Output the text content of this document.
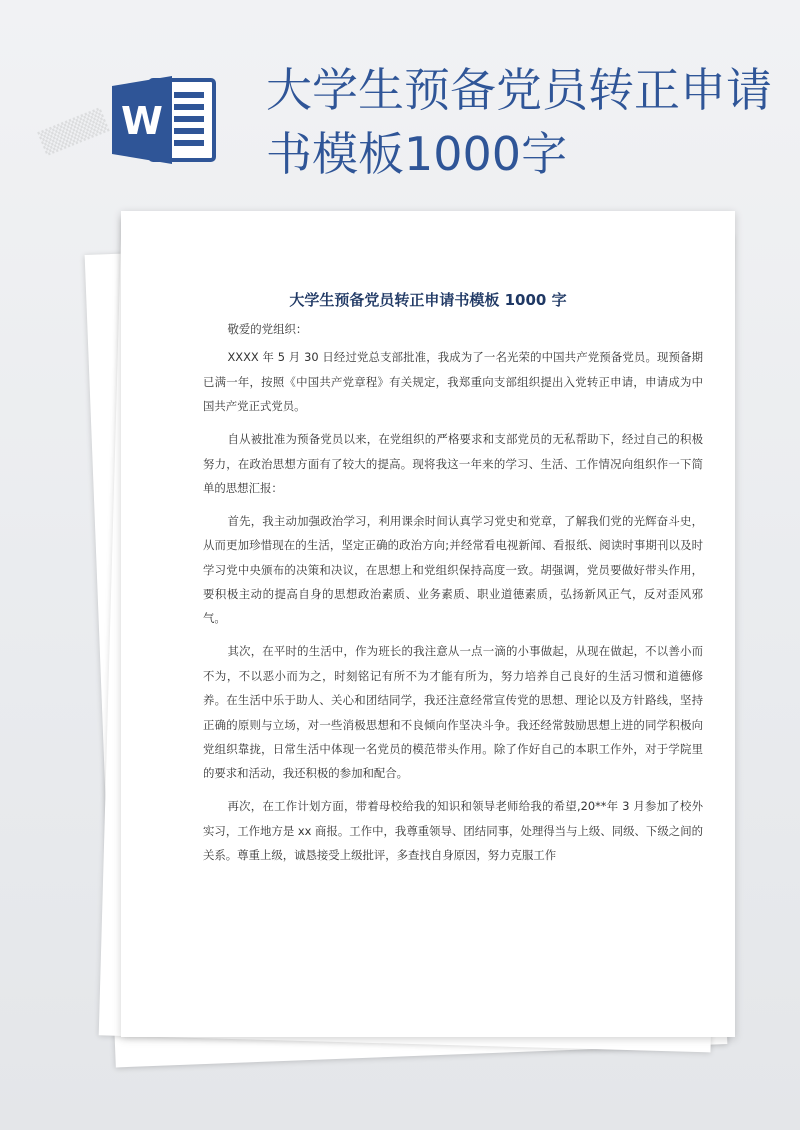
W
大学生预备党员转正申请书模板1000字
▒▒▒▒
大学生预备党员转正申请书模板 1000 字

敬爱的党组织：

XXXX 年 5 月 30 日经过党总支部批准，我成为了一名光荣的中国共产党预备党员。现预备期已满一年，按照《中国共产党章程》有关规定，我郑重向支部组织提出入党转正申请，申请成为中国共产党正式党员。

自从被批准为预备党员以来，在党组织的严格要求和支部党员的无私帮助下，经过自己的积极努力，在政治思想方面有了较大的提高。现将我这一年来的学习、生活、工作情况向组织作一下简单的思想汇报：

首先，我主动加强政治学习，利用课余时间认真学习党史和党章，了解我们党的光辉奋斗史，从而更加珍惜现在的生活，坚定正确的政治方向;并经常看电视新闻、看报纸、阅读时事期刊以及时学习党中央颁布的决策和决议，在思想上和党组织保持高度一致。胡强调，党员要做好带头作用，要积极主动的提高自身的思想政治素质、业务素质、职业道德素质，弘扬新风正气，反对歪风邪气。

其次，在平时的生活中，作为班长的我注意从一点一滴的小事做起，从现在做起，不以善小而不为，不以恶小而为之，时刻铭记有所不为才能有所为，努力培养自己良好的生活习惯和道德修养。在生活中乐于助人、关心和团结同学，我还注意经常宣传党的思想、理论以及方针路线，坚持正确的原则与立场，对一些消极思想和不良倾向作坚决斗争。我还经常鼓励思想上进的同学积极向党组织靠拢，日常生活中体现一名党员的模范带头作用。除了作好自己的本职工作外，对于学院里的要求和活动，我还积极的参加和配合。

再次，在工作计划方面，带着母校给我的知识和领导老师给我的希望,20**年 3 月参加了校外实习，工作地方是 xx 商报。工作中，我尊重领导、团结同事，处理得当与上级、同级、下级之间的关系。尊重上级，诚恳接受上级批评，多查找自身原因，努力克服工作
